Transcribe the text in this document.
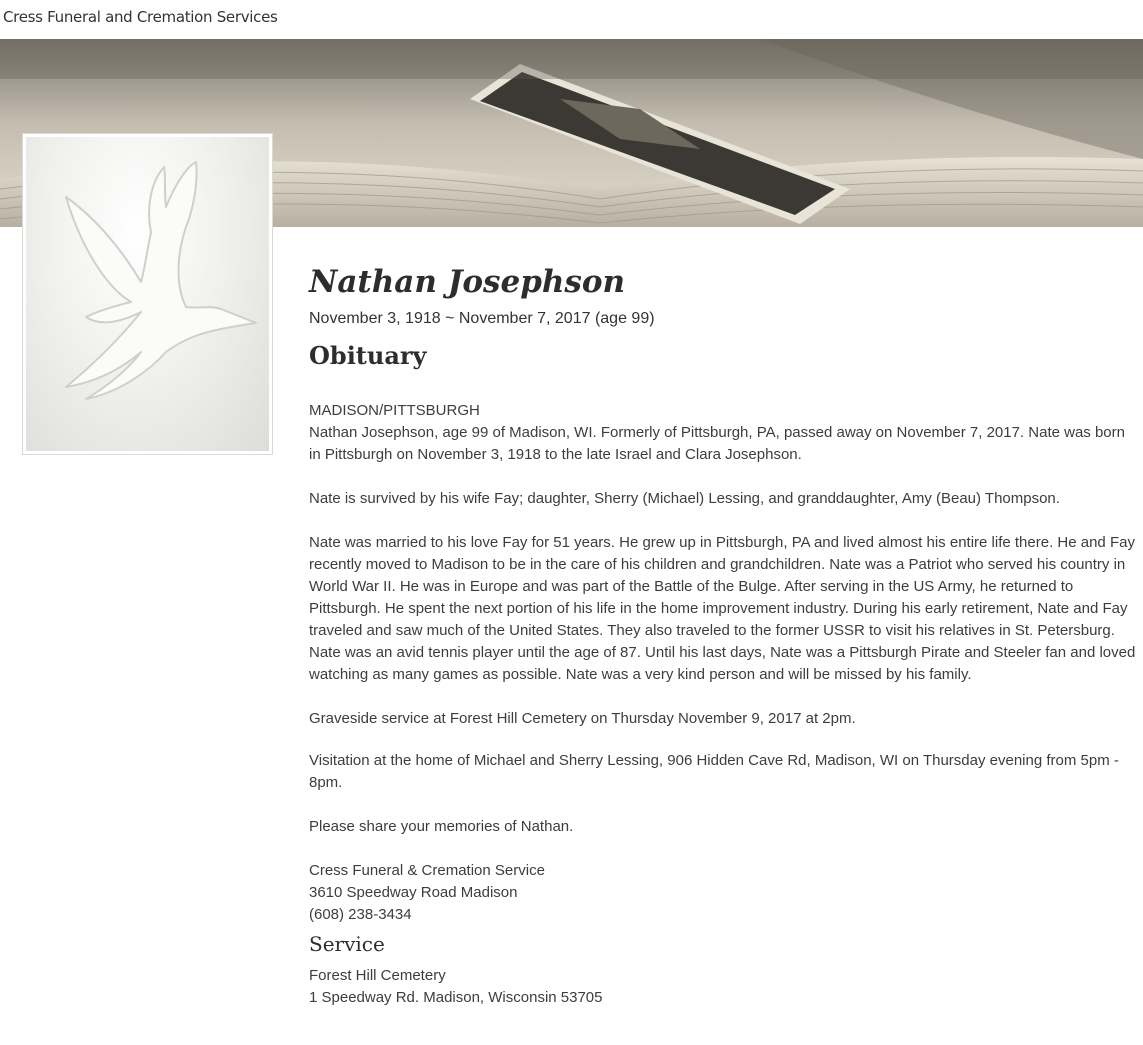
Cress Funeral and Cremation Services
Nathan Josephson
November 3, 1918 ~ November 7, 2017 (age 99)
Obituary

MADISON/PITTSBURGH

Nathan Josephson, age 99 of Madison, WI. Formerly of Pittsburgh, PA, passed away on November 7, 2017. Nate was born in Pittsburgh on November 3, 1918 to the late Israel and Clara Josephson.

Nate is survived by his wife Fay; daughter, Sherry (Michael) Lessing, and granddaughter, Amy (Beau) Thompson.

Nate was married to his love Fay for 51 years. He grew up in Pittsburgh, PA and lived almost his entire life there. He and Fay recently moved to Madison to be in the care of his children and grandchildren. Nate was a Patriot who served his country in World War II. He was in Europe and was part of the Battle of the Bulge. After serving in the US Army, he returned to Pittsburgh. He spent the next portion of his life in the home improvement industry. During his early retirement, Nate and Fay traveled and saw much of the United States. They also traveled to the former USSR to visit his relatives in St. Petersburg. Nate was an avid tennis player until the age of 87. Until his last days, Nate was a Pittsburgh Pirate and Steeler fan and loved watching as many games as possible. Nate was a very kind person and will be missed by his family.

Graveside service at Forest Hill Cemetery on Thursday November 9, 2017 at 2pm.

Visitation at the home of Michael and Sherry Lessing, 906 Hidden Cave Rd, Madison, WI on Thursday evening from 5pm - 8pm.

Please share your memories of Nathan.

Cress Funeral & Cremation Service

3610 Speedway Road Madison

(608) 238-3434

Service
Forest Hill Cemetery
1 Speedway Rd. Madison, Wisconsin 53705
